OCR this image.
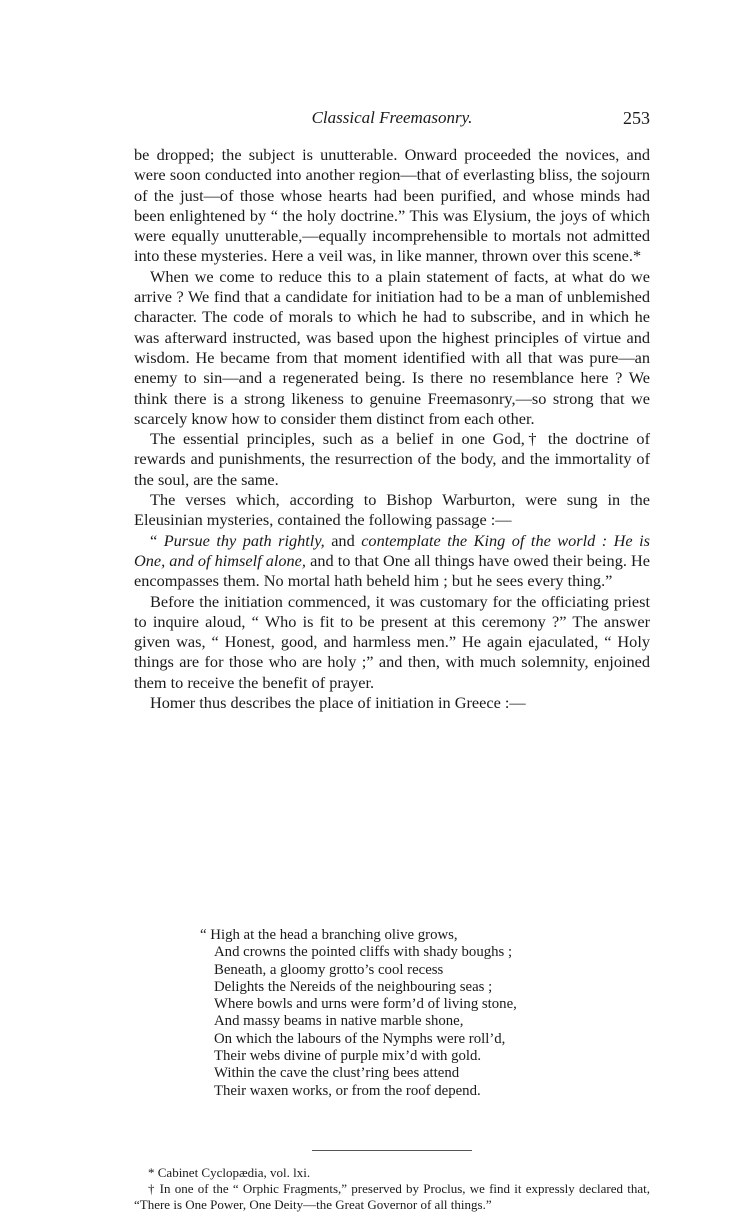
Classical Freemasonry.	253

be dropped; the subject is unutterable. Onward proceeded the novices, and were soon conducted into another region—that of everlasting bliss, the sojourn of the just—of those whose hearts had been purified, and whose minds had been enlightened by “ the holy doctrine.” This was Elysium, the joys of which were equally unutterable,—equally incomprehensible to mortals not admitted into these mysteries. Here a veil was, in like manner, thrown over this scene.*

When we come to reduce this to a plain statement of facts, at what do we arrive ? We find that a candidate for initiation had to be a man of unblemished character. The code of morals to which he had to subscribe, and in which he was afterward instructed, was based upon the highest principles of virtue and wisdom. He became from that moment identified with all that was pure—an enemy to sin—and a regenerated being. Is there no resemblance here ? We think there is a strong likeness to genuine Freemasonry,—so strong that we scarcely know how to consider them distinct from each other.

The essential principles, such as a belief in one God,† the doctrine of rewards and punishments, the resurrection of the body, and the immortality of the soul, are the same.

The verses which, according to Bishop Warburton, were sung in the Eleusinian mysteries, contained the following passage :—

“ Pursue thy path rightly, and contemplate the King of the world : He is One, and of himself alone, and to that One all things have owed their being. He encompasses them. No mortal hath beheld him ; but he sees every thing.”

Before the initiation commenced, it was customary for the officiating priest to inquire aloud, “ Who is fit to be present at this ceremony ?” The answer given was, “ Honest, good, and harmless men.” He again ejaculated, “ Holy things are for those who are holy ;” and then, with much solemnity, enjoined them to receive the benefit of prayer.

Homer thus describes the place of initiation in Greece :—

“ High at the head a branching olive grows,
And crowns the pointed cliffs with shady boughs ;
Beneath, a gloomy grotto’s cool recess
Delights the Nereids of the neighbouring seas ;
Where bowls and urns were form’d of living stone,
And massy beams in native marble shone,
On which the labours of the Nymphs were roll’d,
Their webs divine of purple mix’d with gold.
Within the cave the clust’ring bees attend
Their waxen works, or from the roof depend.

* Cabinet Cyclopædia, vol. lxi.

† In one of the “ Orphic Fragments,” preserved by Proclus, we find it expressly declared that, “There is One Power, One Deity—the Great Governor of all things.”
